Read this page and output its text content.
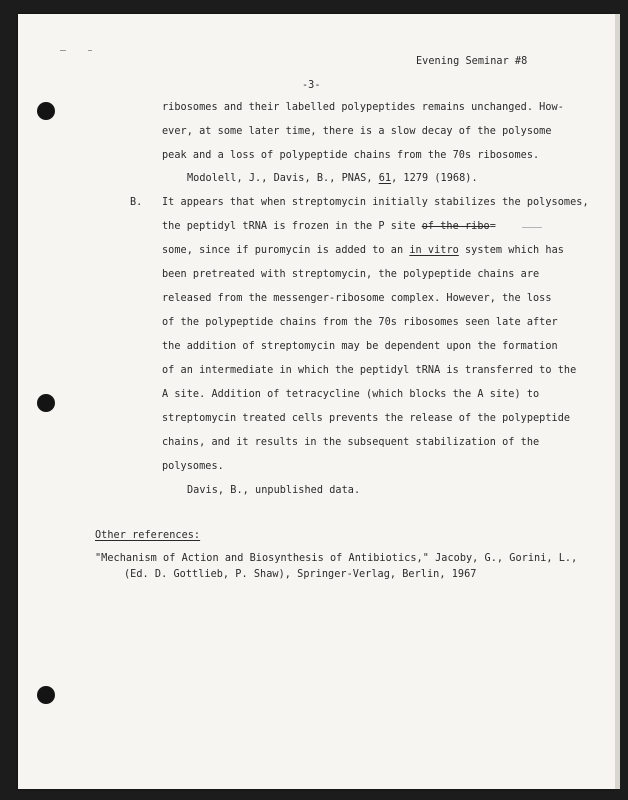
Evening Seminar #8
-3-
ribosomes and their labelled polypeptides remains unchanged. How-
ever, at some later time, there is a slow decay of the polysome
peak and a loss of polypeptide chains from the 70s ribosomes.
Modolell, J., Davis, B., PNAS, 61, 1279 (1968).
B. It appears that when streptomycin initially stabilizes the polysomes,
the peptidyl tRNA is frozen in the P site of the ribo=
some, since if puromycin is added to an in vitro system which has
been pretreated with streptomycin, the polypeptide chains are
released from the messenger-ribosome complex. However, the loss
of the polypeptide chains from the 70s ribosomes seen late after
the addition of streptomycin may be dependent upon the formation
of an intermediate in which the peptidyl tRNA is transferred to the
A site. Addition of tetracycline (which blocks the A site) to
streptomycin treated cells prevents the release of the polypeptide
chains, and it results in the subsequent stabilization of the
polysomes.
Davis, B., unpublished data.
Other references:
"Mechanism of Action and Biosynthesis of Antibiotics," Jacoby, G., Gorini, L.,
(Ed. D. Gottlieb, P. Shaw), Springer-Verlag, Berlin, 1967
